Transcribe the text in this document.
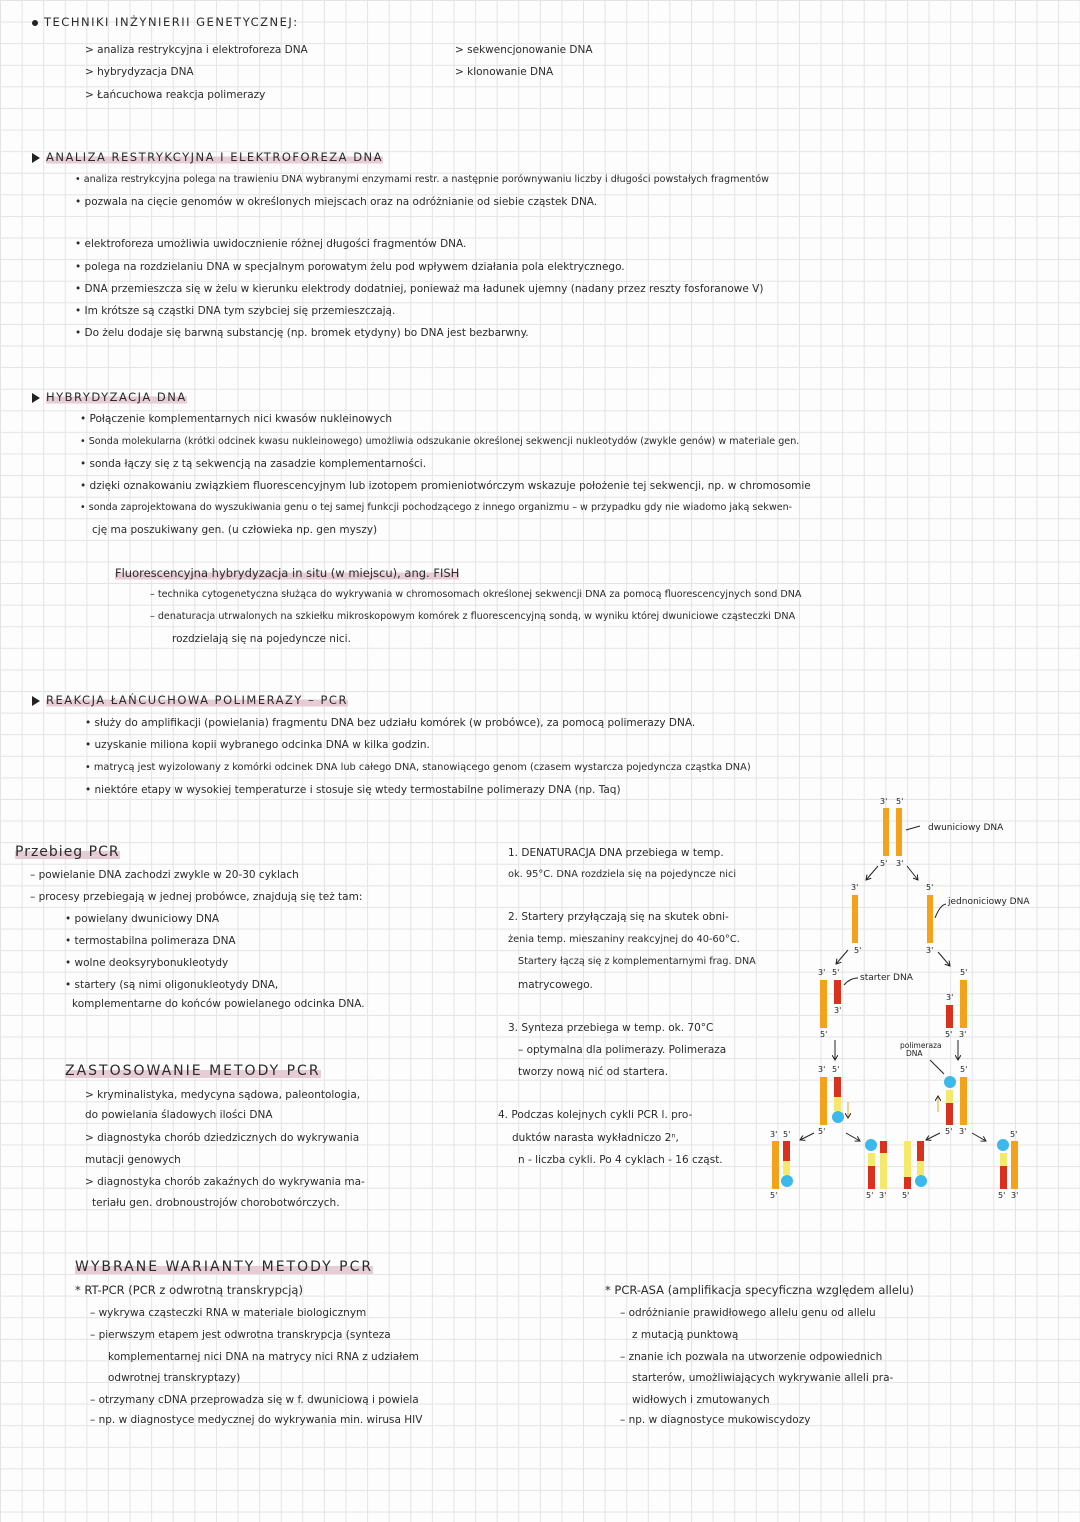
TECHNIKI INŻYNIERII GENETYCZNEJ:
> analiza restrykcyjna i elektroforeza DNA
> hybrydyzacja DNA
> Łańcuchowa reakcja polimerazy
> sekwencjonowanie DNA
> klonowanie DNA
ANALIZA RESTRYKCYJNA I ELEKTROFOREZA DNA
• analiza restrykcyjna polega na trawieniu DNA wybranymi enzymami restr. a następnie porównywaniu liczby i długości powstałych fragmentów
• pozwala na cięcie genomów w określonych miejscach oraz na odróżnianie od siebie cząstek DNA.
• elektroforeza umożliwia uwidocznienie różnej długości fragmentów DNA.
• polega na rozdzielaniu DNA w specjalnym porowatym żelu pod wpływem działania pola elektrycznego.
• DNA przemieszcza się w żelu w kierunku elektrody dodatniej, ponieważ ma ładunek ujemny (nadany przez reszty fosforanowe V)
• Im krótsze są cząstki DNA tym szybciej się przemieszczają.
• Do żelu dodaje się barwną substancję (np. bromek etydyny) bo DNA jest bezbarwny.
HYBRYDYZACJA DNA
• Połączenie komplementarnych nici kwasów nukleinowych
• Sonda molekularna (krótki odcinek kwasu nukleinowego) umożliwia odszukanie określonej sekwencji nukleotydów (zwykle genów) w materiale gen.
• sonda łączy się z tą sekwencją na zasadzie komplementarności.
• dzięki oznakowaniu związkiem fluorescencyjnym lub izotopem promieniotwórczym wskazuje położenie tej sekwencji, np. w chromosomie
• sonda zaprojektowana do wyszukiwania genu o tej samej funkcji pochodzącego z innego organizmu – w przypadku gdy nie wiadomo jaką sekwen-
cję ma poszukiwany gen. (u człowieka np. gen myszy)
Fluorescencyjna hybrydyzacja in situ (w miejscu), ang. FISH
– technika cytogenetyczna służąca do wykrywania w chromosomach określonej sekwencji DNA za pomocą fluorescencyjnych sond DNA
– denaturacja utrwalonych na szkiełku mikroskopowym komórek z fluorescencyjną sondą, w wyniku której dwuniciowe cząsteczki DNA
rozdzielają się na pojedyncze nici.
REAKCJA ŁAŃCUCHOWA POLIMERAZY – PCR
• służy do amplifikacji (powielania) fragmentu DNA bez udziału komórek (w probówce), za pomocą polimerazy DNA.
• uzyskanie miliona kopii wybranego odcinka DNA w kilka godzin.
• matrycą jest wyizolowany z komórki odcinek DNA lub całego DNA, stanowiącego genom (czasem wystarcza pojedyncza cząstka DNA)
• niektóre etapy w wysokiej temperaturze i stosuje się wtedy termostabilne polimerazy DNA (np. Taq)
Przebieg PCR
– powielanie DNA zachodzi zwykle w 20-30 cyklach
– procesy przebiegają w jednej probówce, znajdują się też tam:
• powielany dwuniciowy DNA
• termostabilna polimeraza DNA
• wolne deoksyrybonukleotydy
• startery (są nimi oligonukleotydy DNA,
komplementarne do końców powielanego odcinka DNA.
ZASTOSOWANIE METODY PCR
> kryminalistyka, medycyna sądowa, paleontologia,
do powielania śladowych ilości DNA
> diagnostyka chorób dziedzicznych do wykrywania
mutacji genowych
> diagnostyka chorób zakaźnych do wykrywania ma-
teriału gen. drobnoustrojów chorobotwórczych.
1. DENATURACJA DNA przebiega w temp.
ok. 95°C. DNA rozdziela się na pojedyncze nici
2. Startery przyłączają się na skutek obni-
żenia temp. mieszaniny reakcyjnej do 40-60°C.
Startery łączą się z komplementarnymi frag. DNA
matrycowego.
3. Synteza przebiega w temp. ok. 70°C
– optymalna dla polimerazy. Polimeraza
tworzy nową nić od startera.
4. Podczas kolejnych cykli PCR l. pro-
duktów narasta wykładniczo 2ⁿ,
n - liczba cykli. Po 4 cyklach - 16 cząst.
3' 5'
5' 3'
dwuniciowy DNA
3'
5'
5'
3'
jednoniciowy DNA
3' 5'
3'
5'
starter DNA
5'
3'
5' 3'
3' 5'
5'
5'
5' 3'
polimeraza
DNA
3' 5'
5'	5' 3' 5'
5'
5' 3'
WYBRANE WARIANTY METODY PCR
* RT-PCR (PCR z odwrotną transkrypcją)
– wykrywa cząsteczki RNA w materiale biologicznym
– pierwszym etapem jest odwrotna transkrypcja (synteza
komplementarnej nici DNA na matrycy nici RNA z udziałem
odwrotnej transkryptazy)
– otrzymany cDNA przeprowadza się w f. dwuniciową i powiela
– np. w diagnostyce medycznej do wykrywania min. wirusa HIV
* PCR-ASA (amplifikacja specyficzna względem allelu)
– odróżnianie prawidłowego allelu genu od allelu
z mutacją punktową
– znanie ich pozwala na utworzenie odpowiednich
starterów, umożliwiających wykrywanie alleli pra-
widłowych i zmutowanych
– np. w diagnostyce mukowiscydozy
